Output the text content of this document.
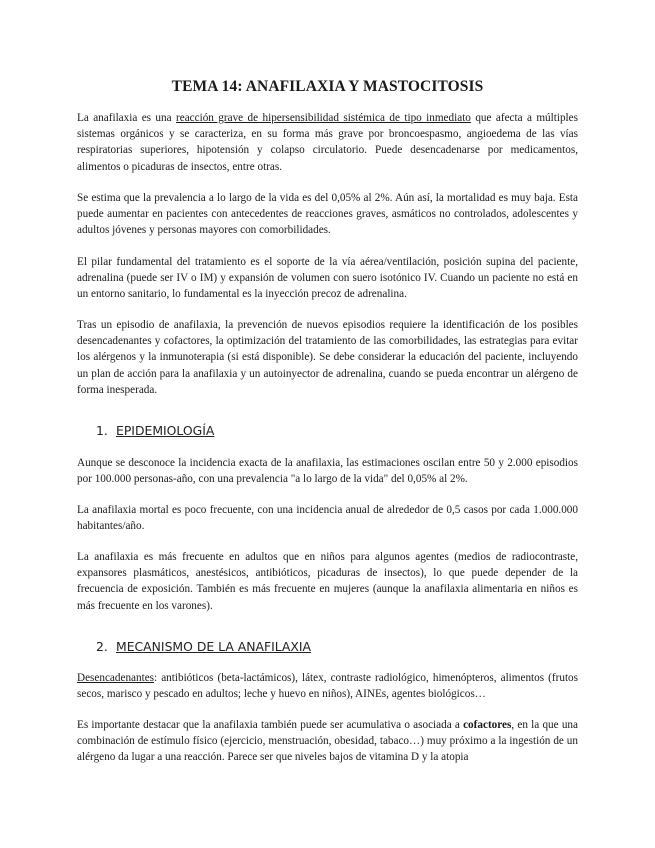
TEMA 14: ANAFILAXIA Y MASTOCITOSIS

La anafilaxia es una reacción grave de hipersensibilidad sistémica de tipo inmediato que afecta a múltiples sistemas orgánicos y se caracteriza, en su forma más grave por broncoespasmo, angioedema de las vías respiratorias superiores, hipotensión y colapso circulatorio. Puede desencadenarse por medicamentos, alimentos o picaduras de insectos, entre otras.

Se estima que la prevalencia a lo largo de la vida es del 0,05% al 2%. Aún así, la mortalidad es muy baja. Esta puede aumentar en pacientes con antecedentes de reacciones graves, asmáticos no controlados, adolescentes y adultos jóvenes y personas mayores con comorbilidades.

El pilar fundamental del tratamiento es el soporte de la vía aérea/ventilación, posición supina del paciente, adrenalina (puede ser IV o IM) y expansión de volumen con suero isotónico IV. Cuando un paciente no está en un entorno sanitario, lo fundamental es la inyección precoz de adrenalina.

Tras un episodio de anafilaxia, la prevención de nuevos episodios requiere la identificación de los posibles desencadenantes y cofactores, la optimización del tratamiento de las comorbilidades, las estrategias para evitar los alérgenos y la inmunoterapia (si está disponible). Se debe considerar la educación del paciente, incluyendo un plan de acción para la anafilaxia y un autoinyector de adrenalina, cuando se pueda encontrar un alérgeno de forma inesperada.

1. EPIDEMIOLOGÍA

Aunque se desconoce la incidencia exacta de la anafilaxia, las estimaciones oscilan entre 50 y 2.000 episodios por 100.000 personas-año, con una prevalencia "a lo largo de la vida" del 0,05% al 2%.

La anafilaxia mortal es poco frecuente, con una incidencia anual de alrededor de 0,5 casos por cada 1.000.000 habitantes/año.

La anafilaxia es más frecuente en adultos que en niños para algunos agentes (medios de radiocontraste, expansores plasmáticos, anestésicos, antibióticos, picaduras de insectos), lo que puede depender de la frecuencia de exposición. También es más frecuente en mujeres (aunque la anafilaxia alimentaria en niños es más frecuente en los varones).

2. MECANISMO DE LA ANAFILAXIA

Desencadenantes: antibióticos (beta-lactámicos), látex, contraste radiológico, himenópteros, alimentos (frutos secos, marisco y pescado en adultos; leche y huevo en niños), AINEs, agentes biológicos…

Es importante destacar que la anafilaxia también puede ser acumulativa o asociada a cofactores, en la que una combinación de estímulo físico (ejercicio, menstruación, obesidad, tabaco…) muy próximo a la ingestión de un alérgeno da lugar a una reacción. Parece ser que niveles bajos de vitamina D y la atopia
